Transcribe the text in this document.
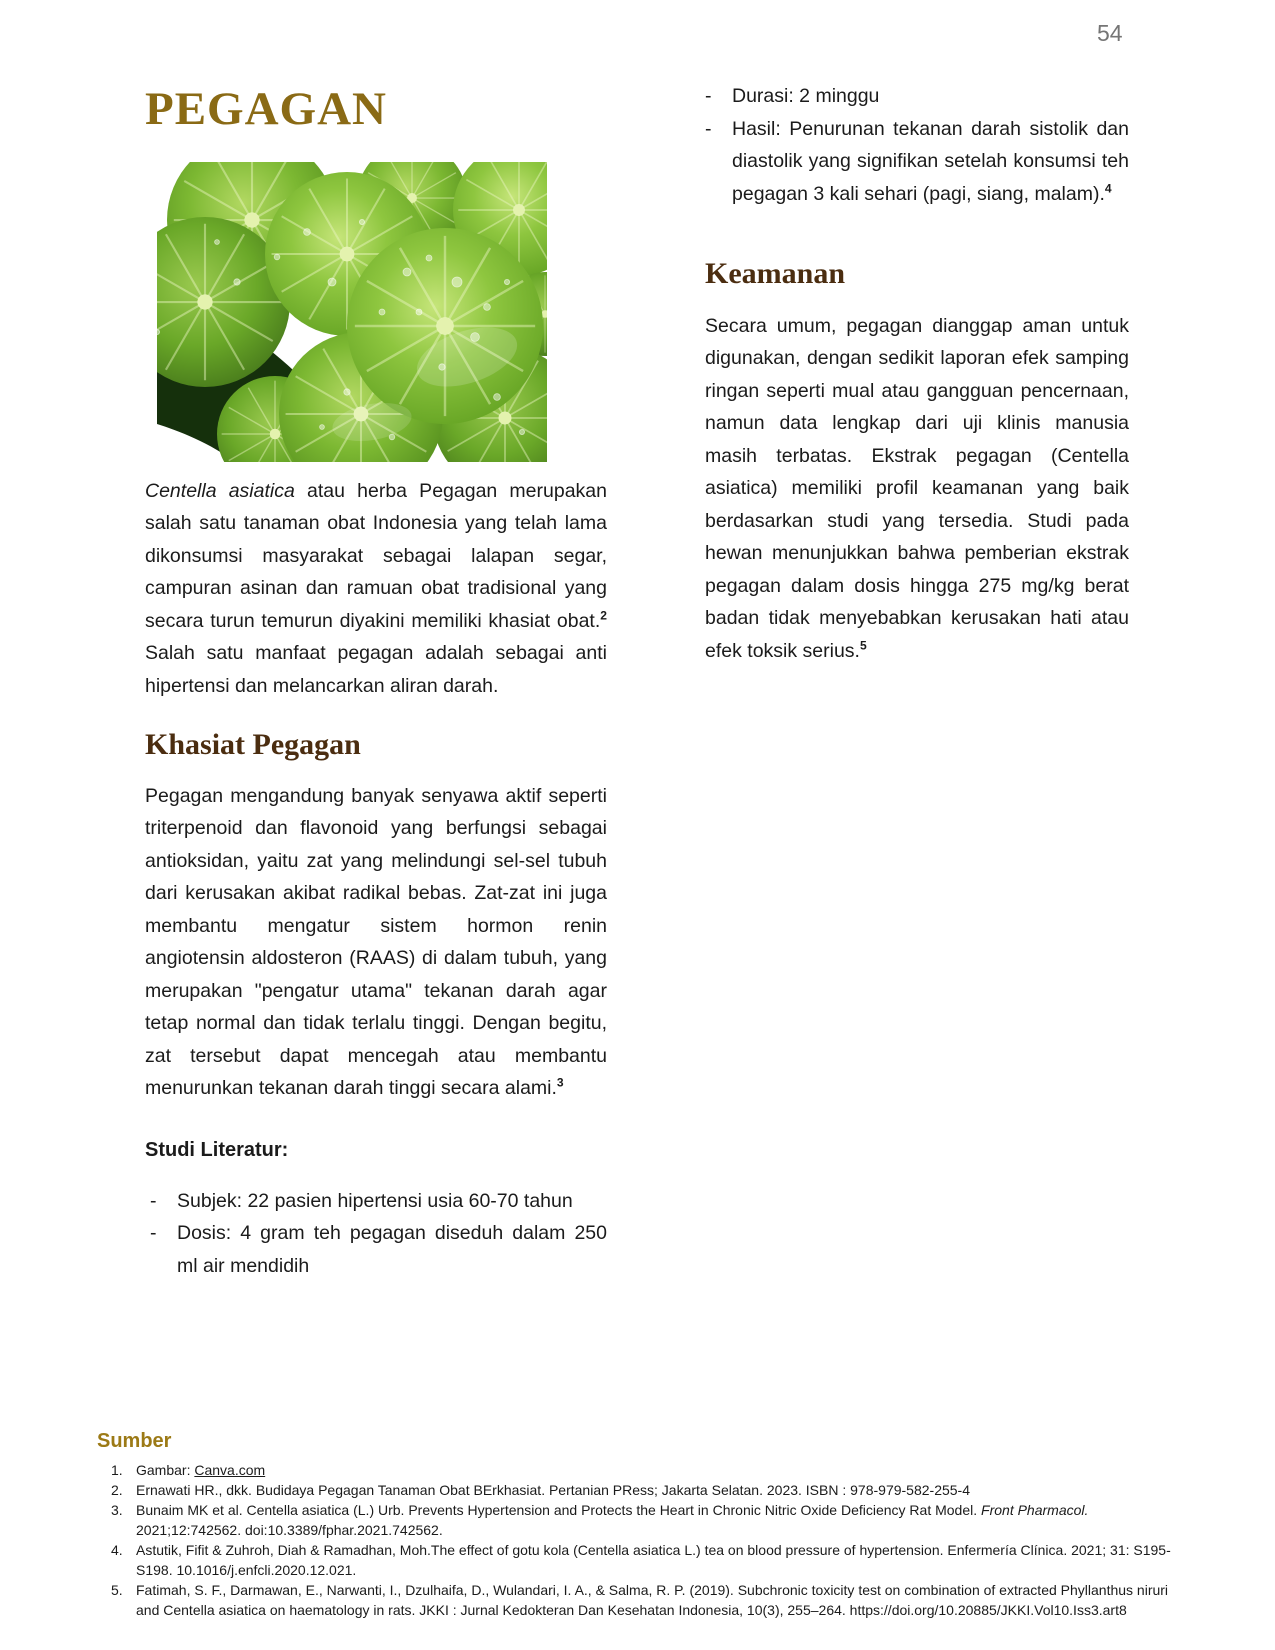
54
PEGAGAN

Centella asiatica atau herba Pegagan merupakan salah satu tanaman obat Indonesia yang telah lama dikonsumsi masyarakat sebagai lalapan segar, campuran asinan dan ramuan obat tradisional yang secara turun temurun diyakini memiliki khasiat obat.$^2$ Salah satu manfaat pegagan adalah sebagai anti hipertensi dan melancarkan aliran darah.

Khasiat Pegagan

Pegagan mengandung banyak senyawa aktif seperti triterpenoid dan flavonoid yang berfungsi sebagai antioksidan, yaitu zat yang melindungi sel-sel tubuh dari kerusakan akibat radikal bebas. Zat-zat ini juga membantu mengatur sistem hormon renin angiotensin aldosteron (RAAS) di dalam tubuh, yang merupakan "pengatur utama" tekanan darah agar tetap normal dan tidak terlalu tinggi. Dengan begitu, zat tersebut dapat mencegah atau membantu menurunkan tekanan darah tinggi secara alami.$^3$

Studi Literatur:
-	Subjek: 22 pasien hipertensi usia 60-70 tahun
-	Dosis: 4 gram teh pegagan diseduh dalam 250 ml air mendidih
-	Durasi: 2 minggu
-	Hasil: Penurunan tekanan darah sistolik dan diastolik yang signifikan setelah konsumsi teh pegagan 3 kali sehari (pagi, siang, malam).$^4$
Keamanan

Secara umum, pegagan dianggap aman untuk digunakan, dengan sedikit laporan efek samping ringan seperti mual atau gangguan pencernaan, namun data lengkap dari uji klinis manusia masih terbatas. Ekstrak pegagan (Centella asiatica) memiliki profil keamanan yang baik berdasarkan studi yang tersedia. Studi pada hewan menunjukkan bahwa pemberian ekstrak pegagan dalam dosis hingga 275 mg/kg berat badan tidak menyebabkan kerusakan hati atau efek toksik serius.$^5$

Sumber
1. Gambar: Canva.com
2. Ernawati HR., dkk. Budidaya Pegagan Tanaman Obat BErkhasiat. Pertanian PRess; Jakarta Selatan. 2023. ISBN : 978-979-582-255-4
3. Bunaim MK et al. Centella asiatica (L.) Urb. Prevents Hypertension and Protects the Heart in Chronic Nitric Oxide Deficiency Rat Model. Front Pharmacol. 2021;12:742562. doi:10.3389/fphar.2021.742562.
4. Astutik, Fifit & Zuhroh, Diah & Ramadhan, Moh.The effect of gotu kola (Centella asiatica L.) tea on blood pressure of hypertension. Enfermería Clínica. 2021; 31: S195-S198. 10.1016/j.enfcli.2020.12.021.
5. Fatimah, S. F., Darmawan, E., Narwanti, I., Dzulhaifa, D., Wulandari, I. A., & Salma, R. P. (2019). Subchronic toxicity test on combination of extracted Phyllanthus niruri and Centella asiatica on haematology in rats. JKKI : Jurnal Kedokteran Dan Kesehatan Indonesia, 10(3), 255–264. https://doi.org/10.20885/JKKI.Vol10.Iss3.art8
